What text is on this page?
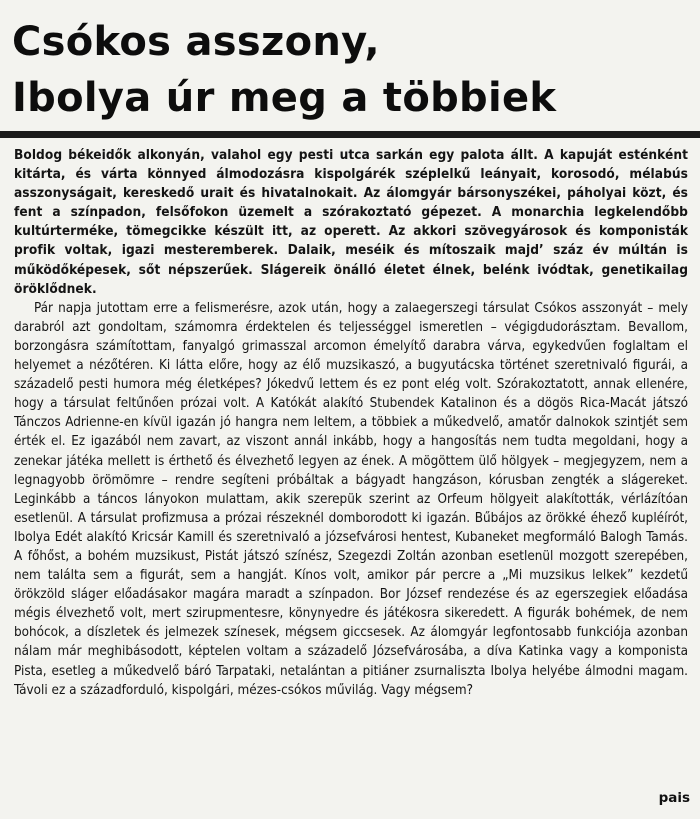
Csókos asszony,
Ibolya úr meg a többiek

Boldog békeidők alkonyán, valahol egy pesti utca sarkán egy palota állt. A kapuját esténként kitárta, és várta könnyed álmodozásra kispolgárék széplelkű leányait, korosodó, mélabús asszonyságait, kereskedő urait és hivatalnokait. Az álomgyár bársonyszékei, páholyai közt, és fent a színpadon, felsőfokon üzemelt a szórakoztató gépezet. A monarchia legkelendőbb kultúrterméke, tömegcikke készült itt, az operett. Az akkori szövegyárosok és komponisták profik voltak, igazi mesteremberek. Dalaik, meséik és mítoszaik majd’ száz év múltán is működőképesek, sőt népszerűek. Slágereik önálló életet élnek, belénk ivódtak, genetikailag öröklődnek.

Pár napja jutottam erre a felismerésre, azok után, hogy a zalaegerszegi társulat Csókos asszonyát – mely darabról azt gondoltam, számomra érdektelen és teljességgel ismeretlen – végigdudorásztam. Bevallom, borzongásra számítottam, fanyalgó grimasszal arcomon émelyítő darabra várva, egykedvűen foglaltam el helyemet a nézőtéren. Ki látta előre, hogy az élő muzsikaszó, a bugyutácska történet szeretnivaló figurái, a századelő pesti humora még életképes? Jókedvű lettem és ez pont elég volt. Szórakoztatott, annak ellenére, hogy a társulat feltűnően prózai volt. A Katókát alakító Stubendek Katalinon és a dögös Rica-Macát játszó Tánczos Adrienne-en kívül igazán jó hangra nem leltem, a többiek a műkedvelő, amatőr dalnokok szintjét sem érték el. Ez igazából nem zavart, az viszont annál inkább, hogy a hangosítás nem tudta megoldani, hogy a zenekar játéka mellett is érthető és élvezhető legyen az ének. A mögöttem ülő hölgyek – megjegyzem, nem a legnagyobb örömömre – rendre segíteni próbáltak a bágyadt hangzáson, kórusban zengték a slágereket. Leginkább a táncos lányokon mulattam, akik szerepük szerint az Orfeum hölgyeit alakították, vérlázítóan esetlenül. A társulat profizmusa a prózai részeknél domborodott ki igazán. Bűbájos az örökké éhező kupléírót, Ibolya Edét alakító Kricsár Kamill és szeretnivaló a józsefvárosi hentest, Kubaneket megformáló Balogh Tamás. A főhőst, a bohém muzsikust, Pistát játszó színész, Szegezdi Zoltán azonban esetlenül mozgott szerepében, nem találta sem a figurát, sem a hangját. Kínos volt, amikor pár percre a „Mi muzsikus lelkek” kezdetű örökzöld sláger előadásakor magára maradt a színpadon. Bor József rendezése és az egerszegiek előadása mégis élvezhető volt, mert szirupmentesre, könynyedre és játékosra sikeredett. A figurák bohémek, de nem bohócok, a díszletek és jelmezek színesek, mégsem giccsesek. Az álomgyár legfontosabb funkciója azonban nálam már meghibásodott, képtelen voltam a századelő Józsefvárosába, a díva Katinka vagy a komponista Pista, esetleg a műkedvelő báró Tarpataki, netalántan a pitiáner zsurnaliszta Ibolya helyébe álmodni magam. Távoli ez a századforduló, kispolgári, mézes-csókos művilág. Vagy mégsem?

pais
